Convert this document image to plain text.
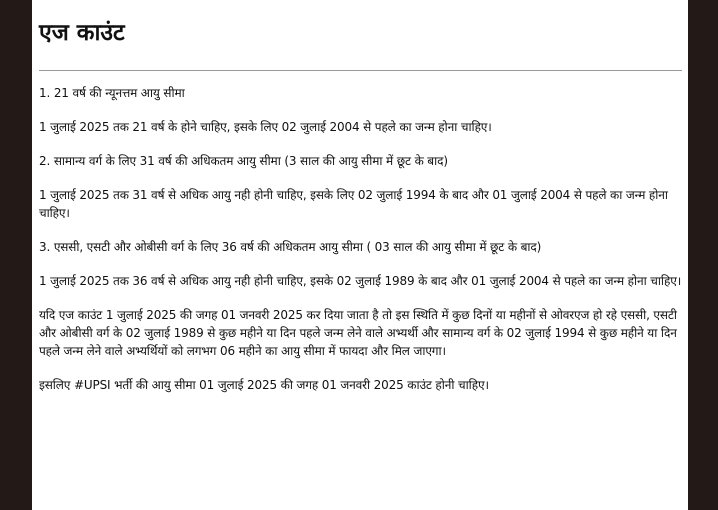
एज काउंट

1. 21 वर्ष की न्यूनत्तम आयु सीमा

1 जुलाई 2025 तक 21 वर्ष के होने चाहिए, इसके लिए 02 जुलाई 2004 से पहले का जन्म होना चाहिए।

2. सामान्य वर्ग के लिए 31 वर्ष की अधिकतम आयु सीमा (3 साल की आयु सीमा में छूट के बाद)

1 जुलाई 2025 तक 31 वर्ष से अधिक आयु नही होनी चाहिए, इसके लिए 02 जुलाई 1994 के बाद और 01 जुलाई 2004 से पहले का जन्म होना चाहिए।

3. एससी, एसटी और ओबीसी वर्ग के लिए 36 वर्ष की अधिकतम आयु सीमा ( 03 साल की आयु सीमा में छूट के बाद)

1 जुलाई 2025 तक 36 वर्ष से अधिक आयु नही होनी चाहिए, इसके 02 जुलाई 1989 के बाद और 01 जुलाई 2004 से पहले का जन्म होना चाहिए।

यदि एज काउंट 1 जुलाई 2025 की जगह 01 जनवरी 2025 कर दिया जाता है तो इस स्थिति में कुछ दिनों या महीनों से ओवरएज हो रहे एससी, एसटी और ओबीसी वर्ग के 02 जुलाई 1989 से कुछ महीने या दिन पहले जन्म लेने वाले अभ्यर्थी और सामान्य वर्ग के 02 जुलाई 1994 से कुछ महीने या दिन पहले जन्म लेने वाले अभ्यर्थियों को लगभग 06 महीने का आयु सीमा में फायदा और मिल जाएगा।

इसलिए #UPSI भर्ती की आयु सीमा 01 जुलाई 2025 की जगह 01 जनवरी 2025 काउंट होनी चाहिए।
